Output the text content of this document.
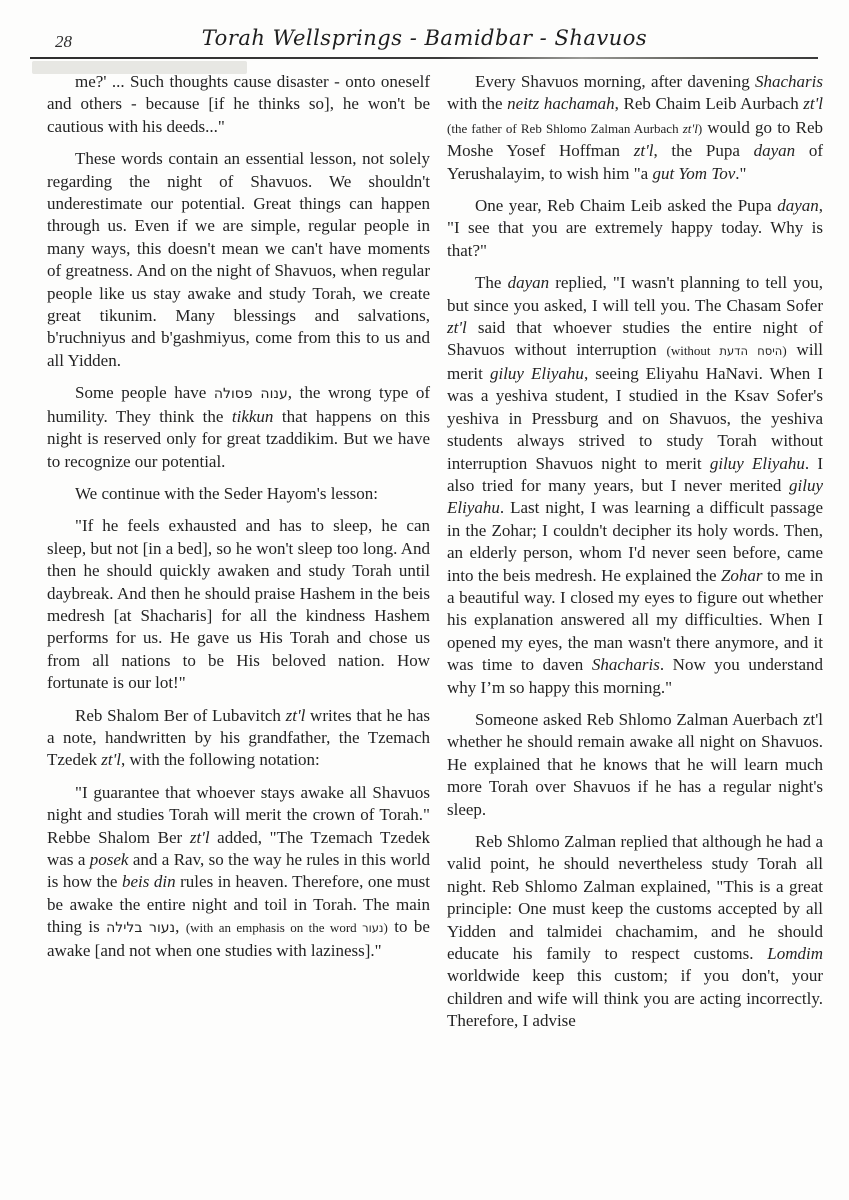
28	Torah Wellsprings - Bamidbar - Shavuos

me?' ... Such thoughts cause disaster - onto oneself and others - because [if he thinks so], he won't be cautious with his deeds..."

These words contain an essential lesson, not solely regarding the night of Shavuos. We shouldn't underestimate our potential. Great things can happen through us. Even if we are simple, regular people in many ways, this doesn't mean we can't have moments of greatness. And on the night of Shavuos, when regular people like us stay awake and study Torah, we create great tikunim. Many blessings and salvations, b'ruchniyus and b'gashmiyus, come from this to us and all Yidden.

Some people have ענוה פסולה, the wrong type of humility. They think the tikkun that happens on this night is reserved only for great tzaddikim. But we have to recognize our potential.

We continue with the Seder Hayom's lesson:

"If he feels exhausted and has to sleep, he can sleep, but not [in a bed], so he won't sleep too long. And then he should quickly awaken and study Torah until daybreak. And then he should praise Hashem in the beis medresh [at Shacharis] for all the kindness Hashem performs for us. He gave us His Torah and chose us from all nations to be His beloved nation. How fortunate is our lot!"

Reb Shalom Ber of Lubavitch zt'l writes that he has a note, handwritten by his grandfather, the Tzemach Tzedek zt'l, with the following notation:

"I guarantee that whoever stays awake all Shavuos night and studies Torah will merit the crown of Torah." Rebbe Shalom Ber zt'l added, "The Tzemach Tzedek was a posek and a Rav, so the way he rules in this world is how the beis din rules in heaven. Therefore, one must be awake the entire night and toil in Torah. The main thing is נעור בלילה, (with an emphasis on the word נעור) to be awake [and not when one studies with laziness]."

Every Shavuos morning, after davening Shacharis with the neitz hachamah, Reb Chaim Leib Aurbach zt'l (the father of Reb Shlomo Zalman Aurbach zt'l) would go to Reb Moshe Yosef Hoffman zt'l, the Pupa dayan of Yerushalayim, to wish him "a gut Yom Tov."

One year, Reb Chaim Leib asked the Pupa dayan, "I see that you are extremely happy today. Why is that?"

The dayan replied, "I wasn't planning to tell you, but since you asked, I will tell you. The Chasam Sofer zt'l said that whoever studies the entire night of Shavuos without interruption (without היסח הדעת) will merit giluy Eliyahu, seeing Eliyahu HaNavi. When I was a yeshiva student, I studied in the Ksav Sofer's yeshiva in Pressburg and on Shavuos, the yeshiva students always strived to study Torah without interruption Shavuos night to merit giluy Eliyahu. I also tried for many years, but I never merited giluy Eliyahu. Last night, I was learning a difficult passage in the Zohar; I couldn't decipher its holy words. Then, an elderly person, whom I'd never seen before, came into the beis medresh. He explained the Zohar to me in a beautiful way. I closed my eyes to figure out whether his explanation answered all my difficulties. When I opened my eyes, the man wasn't there anymore, and it was time to daven Shacharis. Now you understand why I’m so happy this morning."

Someone asked Reb Shlomo Zalman Auerbach zt'l whether he should remain awake all night on Shavuos. He explained that he knows that he will learn much more Torah over Shavuos if he has a regular night's sleep.

Reb Shlomo Zalman replied that although he had a valid point, he should nevertheless study Torah all night. Reb Shlomo Zalman explained, "This is a great principle: One must keep the customs accepted by all Yidden and talmidei chachamim, and he should educate his family to respect customs. Lomdim worldwide keep this custom; if you don't, your children and wife will think you are acting incorrectly. Therefore, I advise
